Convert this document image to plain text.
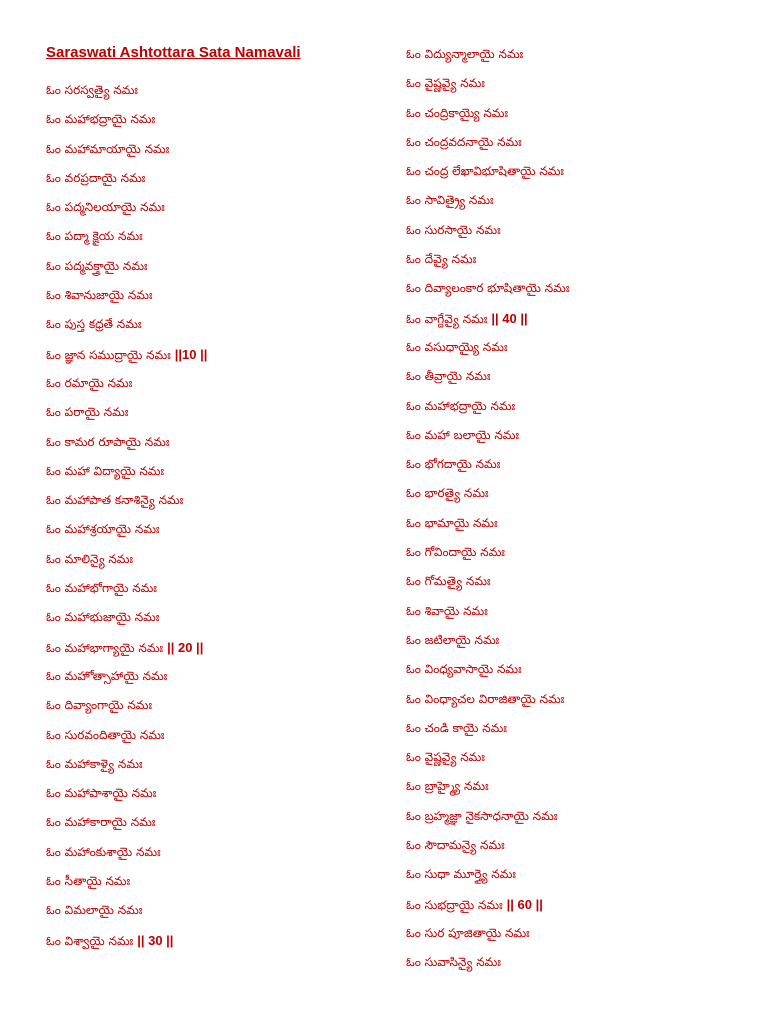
Saraswati Ashtottara Sata Namavali
ఓం సరస్వత్యై నమః
ఓం మహాభద్రాయై నమః
ఓం మహామాయాయై నమః
ఓం వరప్రదాయై నమః
ఓం పద్మనిలయాయై నమః
ఓం పద్మా క్షైయ నమః
ఓం పద్మవక్త్రాయై నమః
ఓం శివానుజాయై నమః
ఓం పుస్త కధ్రతే నమః
ఓం జ్ఞాన సముద్రాయై నమః ||10 ||
ఓం రమాయై నమః
ఓం పరాయై నమః
ఓం కామర రూపాయై నమః
ఓం మహా విద్యాయై నమః
ఓం మహాపాత కనాశిన్యై నమః
ఓం మహాశ్రయాయై నమః
ఓం మాలిన్యై నమః
ఓం మహాభోగాయై నమః
ఓం మహాభుజాయై నమః
ఓం మహాభాగ్యాయై నమః || 20 ||
ఓం మహోత్సాహాయై నమః
ఓం దివ్యాంగాయై నమః
ఓం సురవందితాయై నమః
ఓం మహాకాళ్యై నమః
ఓం మహాపాశాయై నమః
ఓం మహాకారాయై నమః
ఓం మహాంకుశాయై నమః
ఓం సీతాయై నమః
ఓం విమలాయై నమః
ఓం విశ్వాయై నమః || 30 ||
ఓం విద్యున్మాలాయై నమః
ఓం వైష్ణవ్యై నమః
ఓం చంద్రికాయ్యై నమః
ఓం చంద్రవదనాయై నమః
ఓం చంద్ర లేఖావిభూషితాయై నమః
ఓం సావిత్ర్యై నమః
ఓం సురసాయై నమః
ఓం దేవ్యై నమః
ఓం దివ్యాలంకార భూషితాయై నమః
ఓం వాగ్దేవ్యై నమః || 40 ||
ఓం వసుధాయ్యై నమః
ఓం తీవ్రాయై నమః
ఓం మహాభద్రాయై నమః
ఓం మహా బలాయై నమః
ఓం భోగదాయై నమః
ఓం భారత్యై నమః
ఓం భామాయై నమః
ఓం గోవిందాయై నమః
ఓం గోమత్యై నమః
ఓం శివాయై నమః
ఓం జటిలాయై నమః
ఓం వింధ్యవాసాయై నమః
ఓం వింధ్యాచల విరాజితాయై నమః
ఓం చండి కాయై నమః
ఓం వైష్ణవ్యై నమః
ఓం బ్రాహ్మ్యై నమః
ఓం బ్రహ్మజ్ఞా నైకసాధనాయై నమః
ఓం సౌదామన్యై నమః
ఓం సుధా మూర్త్యై నమః
ఓం సుభద్రాయై నమః || 60 ||
ఓం సుర పూజితాయై నమః
ఓం సువాసిన్యై నమః
